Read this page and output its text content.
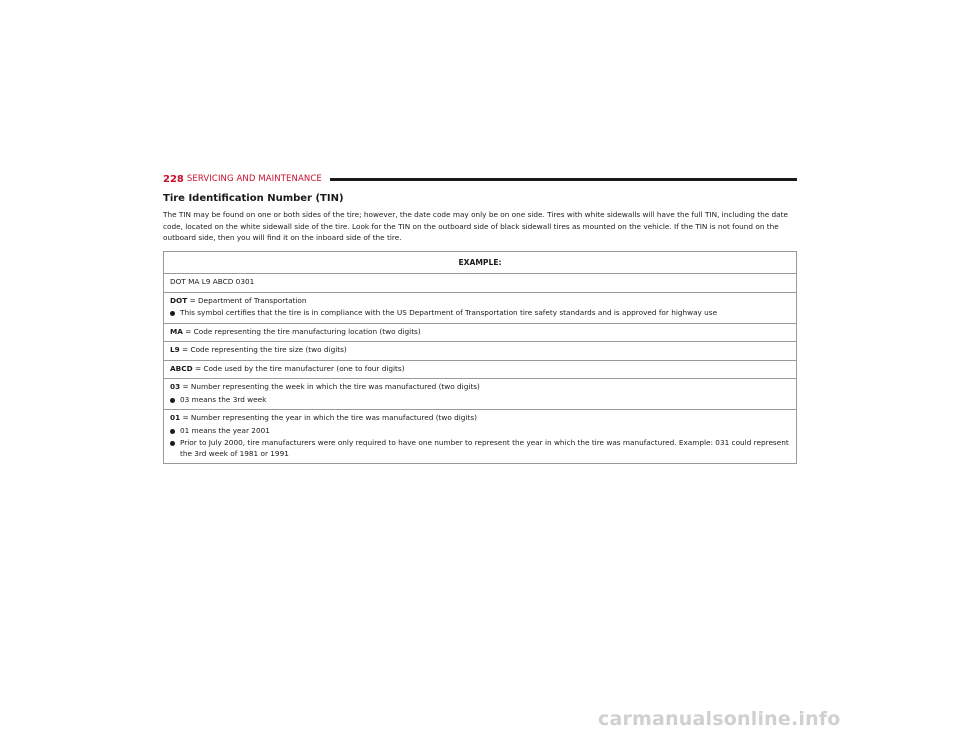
228 SERVICING AND MAINTENANCE
Tire Identification Number (TIN)

The TIN may be found on one or both sides of the tire; however, the date code may only be on one side. Tires with white sidewalls will have the full TIN, including the date code, located on the white sidewall side of the tire. Look for the TIN on the outboard side of black sidewall tires as mounted on the vehicle. If the TIN is not found on the outboard side, then you will find it on the inboard side of the tire.

EXAMPLE:
DOT MA L9 ABCD 0301
DOT = Department of Transportation
This symbol certifies that the tire is in compliance with the US Department of Transportation tire safety standards and is approved for highway use

MA = Code representing the tire manufacturing location (two digits)
L9 = Code representing the tire size (two digits)
ABCD = Code used by the tire manufacturer (one to four digits)
03 = Number representing the week in which the tire was manufactured (two digits)
03 means the 3rd week

01 = Number representing the year in which the tire was manufactured (two digits)
01 means the year 2001
Prior to July 2000, tire manufacturers were only required to have one number to represent the year in which the tire was manufactured. Example: 031 could represent the 3rd week of 1981 or 1991
carmanualsonline.info
